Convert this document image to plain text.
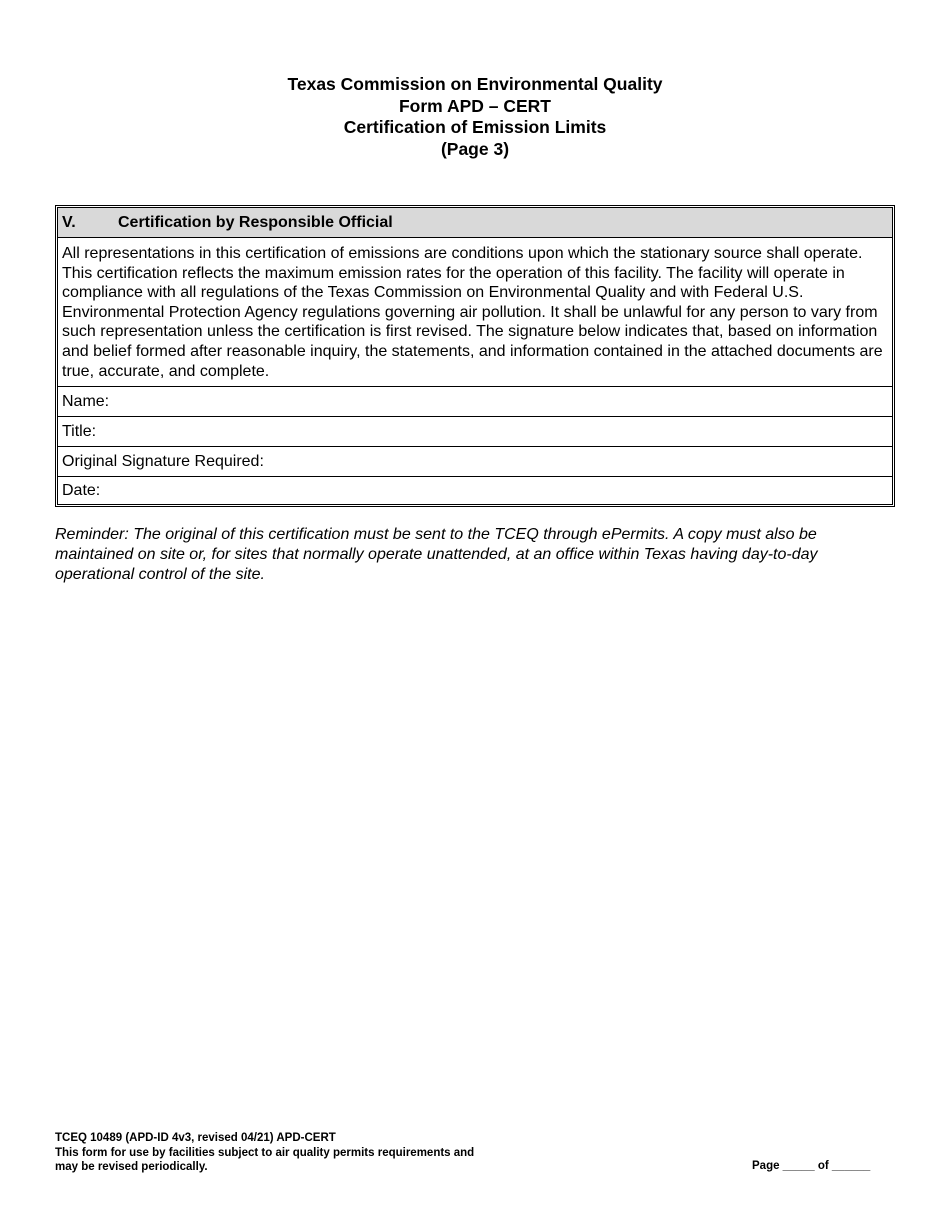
Texas Commission on Environmental Quality
Form APD – CERT
Certification of Emission Limits
(Page 3)
V.	Certification by Responsible Official
All representations in this certification of emissions are conditions upon which the stationary source shall operate. This certification reflects the maximum emission rates for the operation of this facility. The facility will operate in compliance with all regulations of the Texas Commission on Environmental Quality and with Federal U.S. Environmental Protection Agency regulations governing air pollution. It shall be unlawful for any person to vary from such representation unless the certification is first revised. The signature below indicates that, based on information and belief formed after reasonable inquiry, the statements, and information contained in the attached documents are true, accurate, and complete.
Name:
Title:
Original Signature Required:
Date:
Reminder: The original of this certification must be sent to the TCEQ through ePermits. A copy must also be maintained on site or, for sites that normally operate unattended, at an office within Texas having day-to-day operational control of the site.
TCEQ 10489 (APD-ID 4v3, revised 04/21) APD-CERT
This form for use by facilities subject to air quality permits requirements and
may be revised periodically.	Page _____ of ______
